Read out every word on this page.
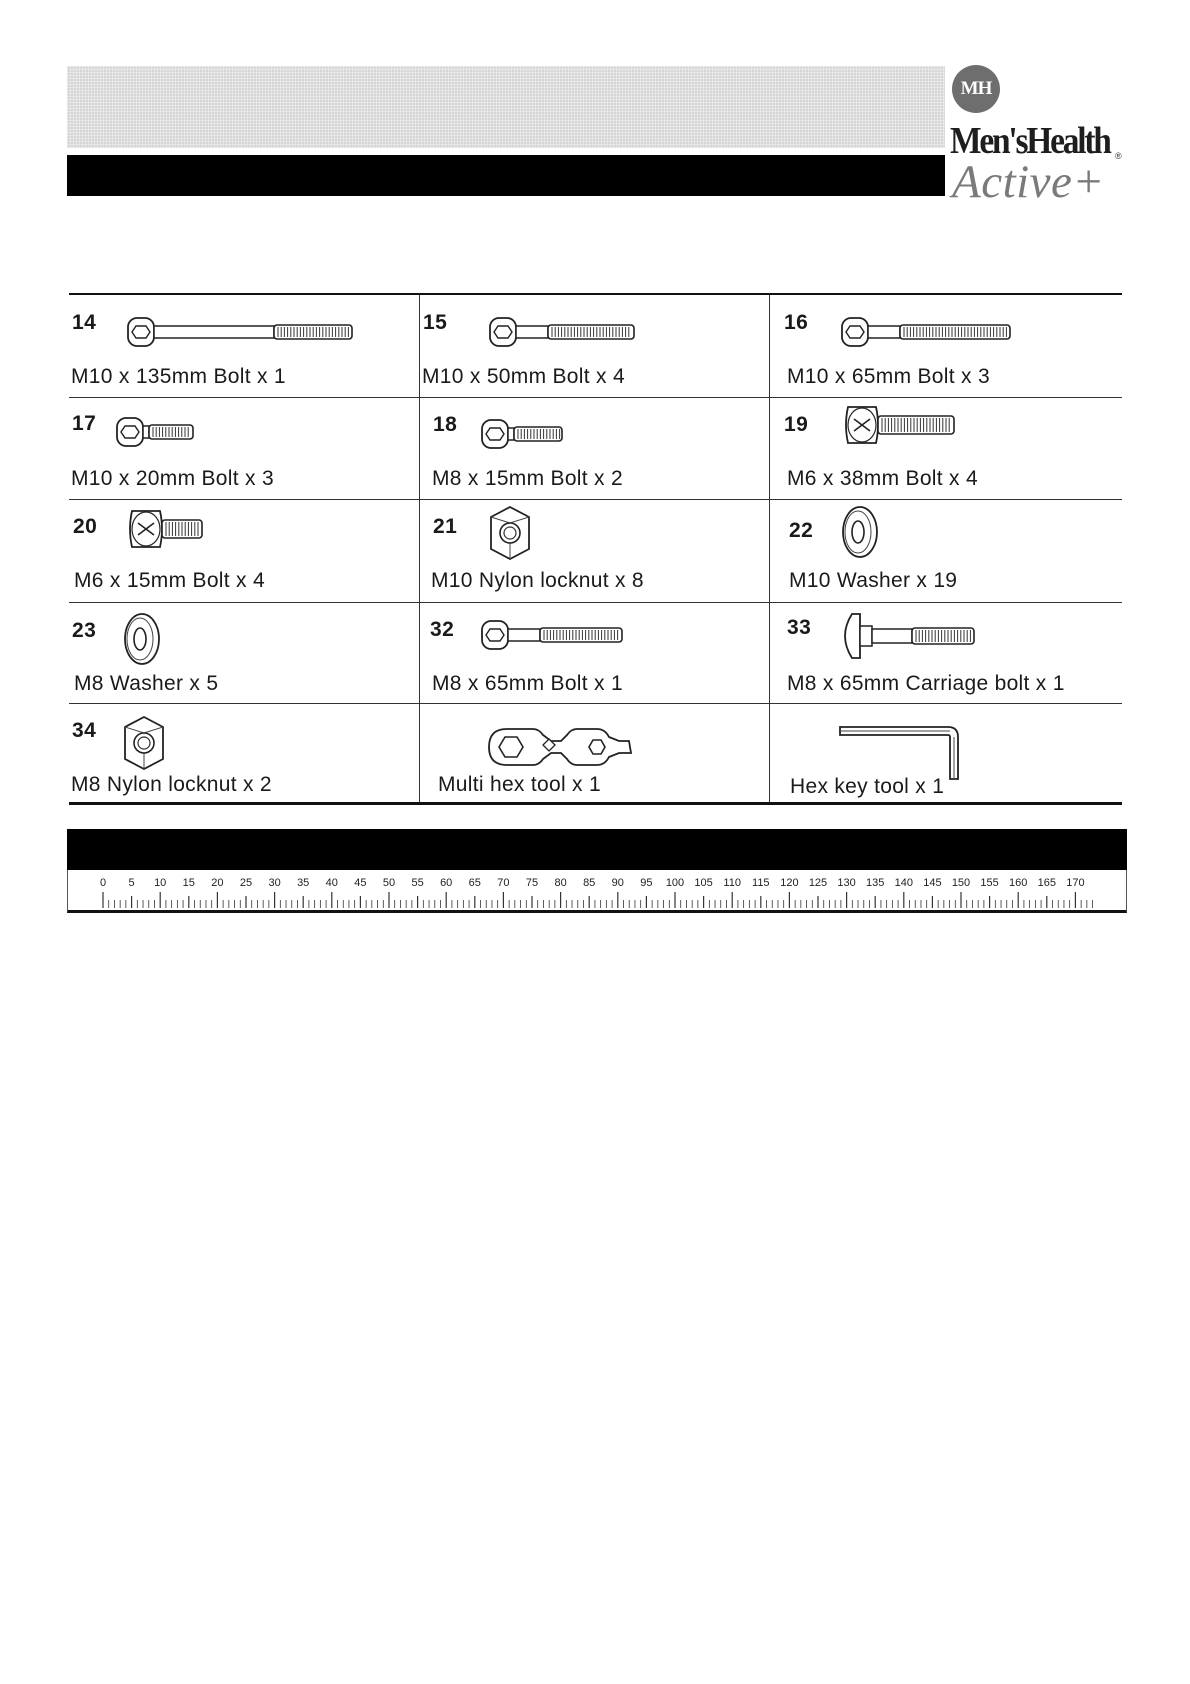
MH
Men'sHealth ®
Active+
14
M10 x 135mm Bolt x 1
15
M10 x 50mm Bolt x 4
16
M10 x 65mm Bolt x 3
17
M10 x 20mm Bolt x 3
18
M8 x 15mm Bolt x 2
19
M6 x 38mm Bolt x 4
20
M6 x 15mm Bolt x 4
21
M10 Nylon locknut x 8
22
M10 Washer x 19
23
M8 Washer x 5
32
M8 x 65mm Bolt x 1
33
M8 x 65mm Carriage bolt x 1
34
M8 Nylon locknut x 2	Multi hex tool x 1	Hex key tool x 1
0 5 10 15 20 25 30 35 40 45 50 55 60 65 70 75 80 85 90 95 100 105 110 115 120 125 130 135 140 145 150 155 160 165 170
